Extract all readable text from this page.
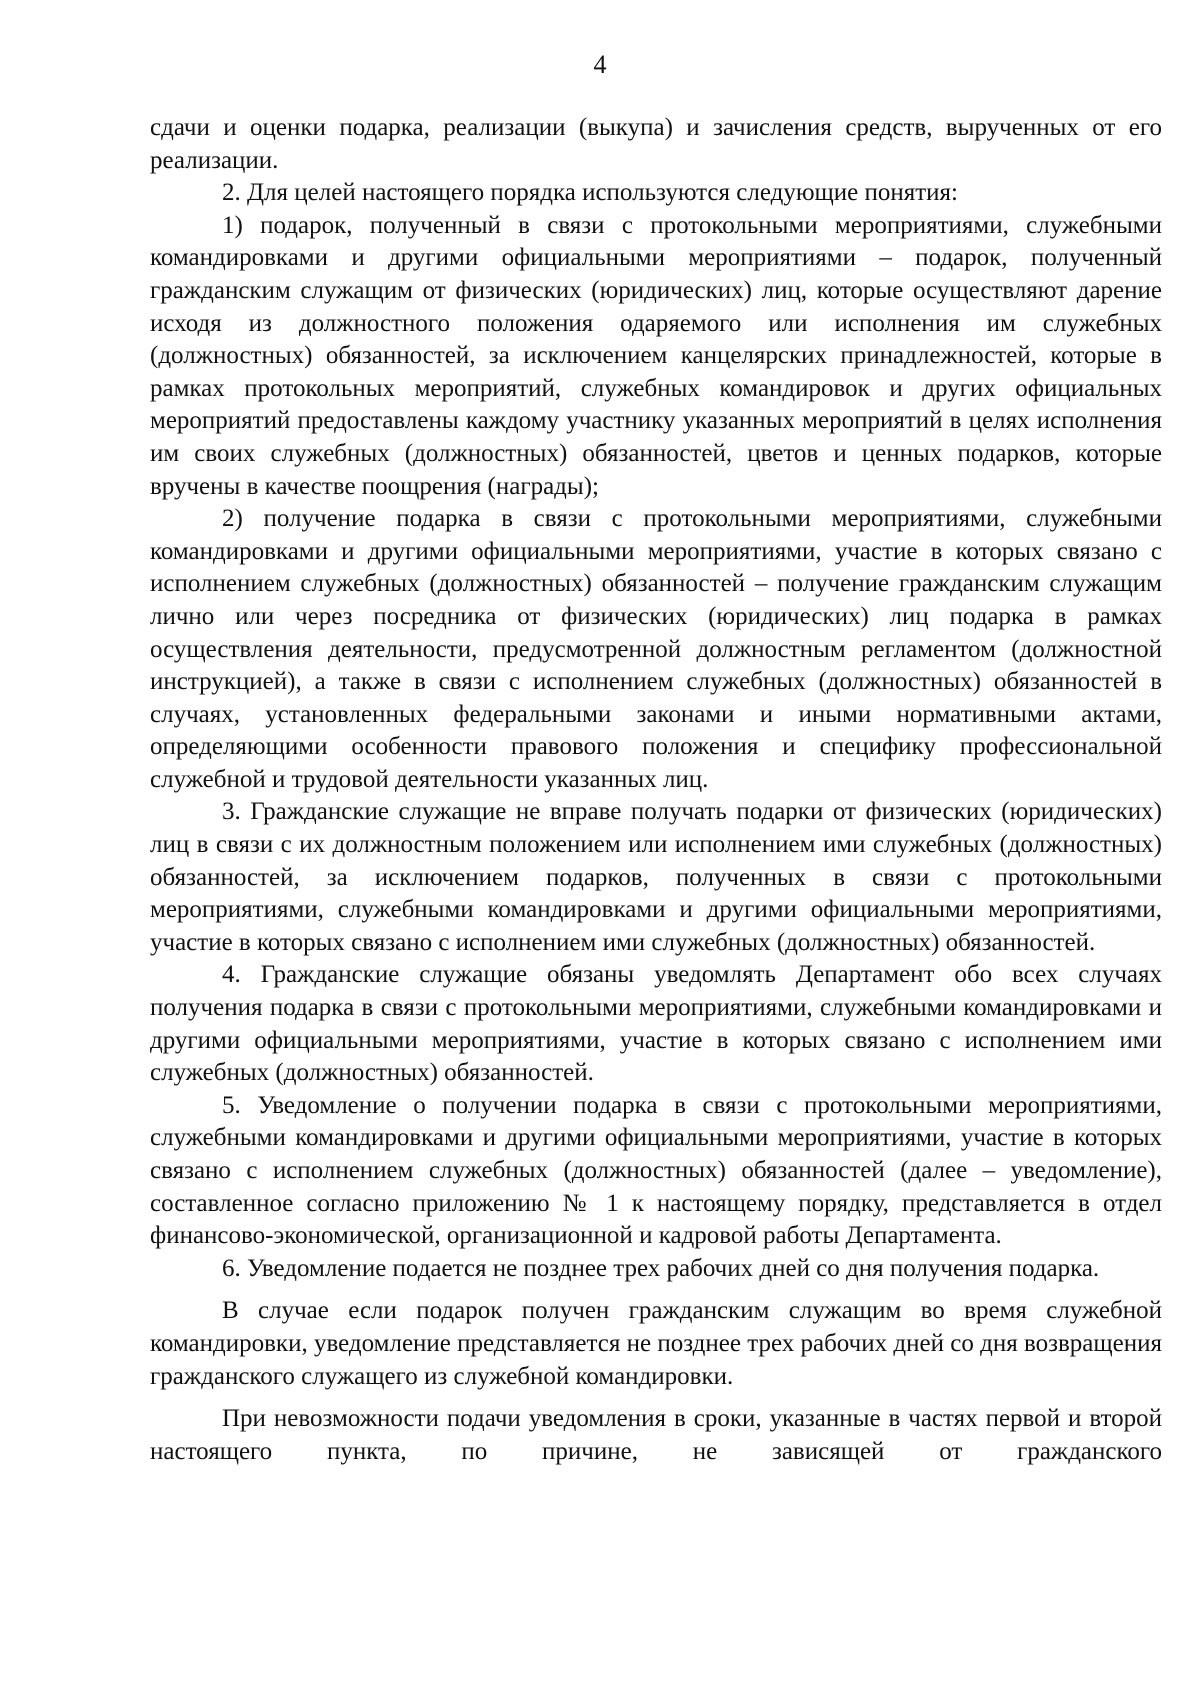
4

сдачи и оценки подарка, реализации (выкупа) и зачисления средств, вырученных от его реализации.

2. Для целей настоящего порядка используются следующие понятия:

1) подарок, полученный в связи с протокольными мероприятиями, служебными командировками и другими официальными мероприятиями – подарок, полученный гражданским служащим от физических (юридических) лиц, которые осуществляют дарение исходя из должностного положения одаряемого или исполнения им служебных (должностных) обязанностей, за исключением канцелярских принадлежностей, которые в рамках протокольных мероприятий, служебных командировок и других официальных мероприятий предоставлены каждому участнику указанных мероприятий в целях исполнения им своих служебных (должностных) обязанностей, цветов и ценных подарков, которые вручены в качестве поощрения (награды);

2) получение подарка в связи с протокольными мероприятиями, служебными командировками и другими официальными мероприятиями, участие в которых связано с исполнением служебных (должностных) обязанностей – получение гражданским служащим лично или через посредника от физических (юридических) лиц подарка в рамках осуществления деятельности, предусмотренной должностным регламентом (должностной инструкцией), а также в связи с исполнением служебных (должностных) обязанностей в случаях, установленных федеральными законами и иными нормативными актами, определяющими особенности правового положения и специфику профессиональной служебной и трудовой деятельности указанных лиц.

3. Гражданские служащие не вправе получать подарки от физических (юридических) лиц в связи с их должностным положением или исполнением ими служебных (должностных) обязанностей, за исключением подарков, полученных в связи с протокольными мероприятиями, служебными командировками и другими официальными мероприятиями, участие в которых связано с исполнением ими служебных (должностных) обязанностей.

4. Гражданские служащие обязаны уведомлять Департамент обо всех случаях получения подарка в связи с протокольными мероприятиями, служебными командировками и другими официальными мероприятиями, участие в которых связано с исполнением ими служебных (должностных) обязанностей.

5. Уведомление о получении подарка в связи с протокольными мероприятиями, служебными командировками и другими официальными мероприятиями, участие в которых связано с исполнением служебных (должностных) обязанностей (далее – уведомление), составленное согласно приложению № 1 к настоящему порядку, представляется в отдел финансово-экономической, организационной и кадровой работы Департамента.

6. Уведомление подается не позднее трех рабочих дней со дня получения подарка.

В случае если подарок получен гражданским служащим во время служебной командировки, уведомление представляется не позднее трех рабочих дней со дня возвращения гражданского служащего из служебной командировки.

При невозможности подачи уведомления в сроки, указанные в частях первой и второй настоящего пункта, по причине, не зависящей от гражданского
